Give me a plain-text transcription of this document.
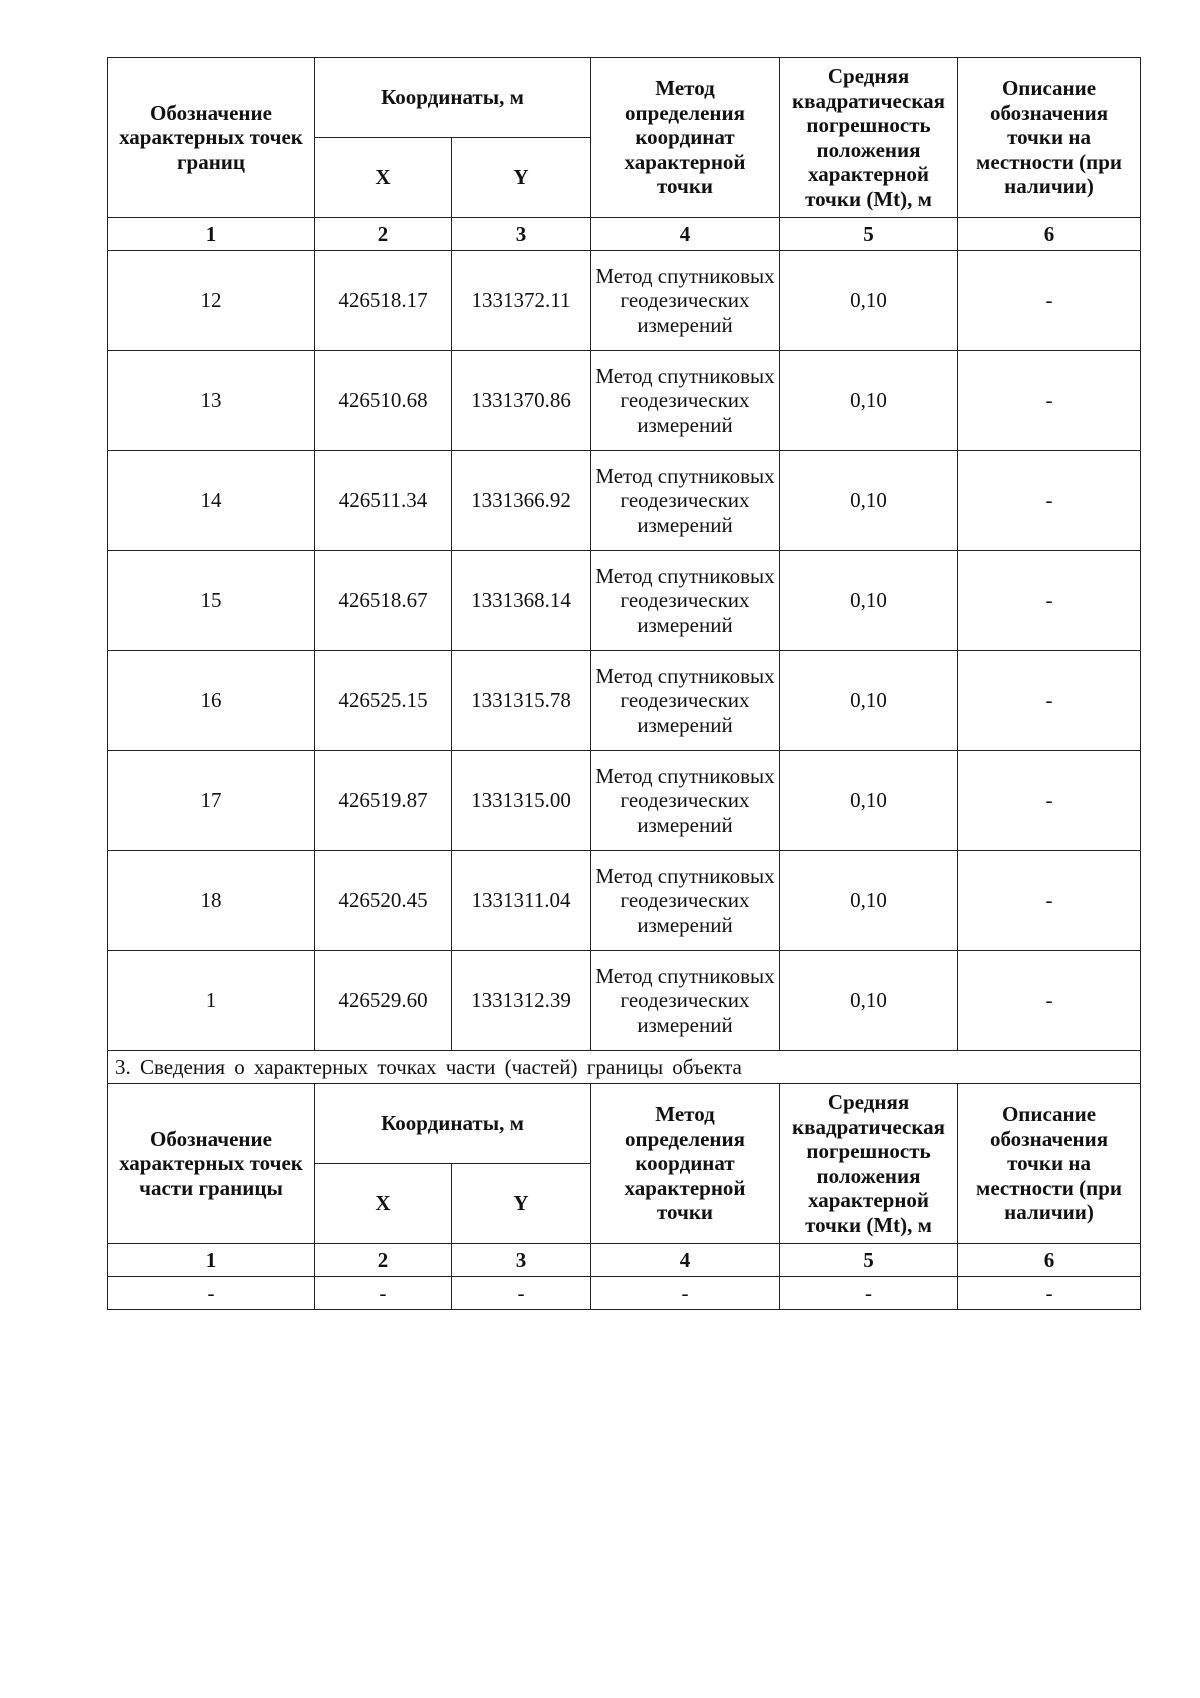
Обозначение характерных точек границ	Координаты, м		Метод определения координат характерной точки	Средняя квадратическая погрешность положения характерной точки (Mt), м	Описание обозначения точки на местности (при наличии)
	X	Y			
1	2	3	4	5	6
12	426518.17	1331372.11	Метод спутниковых геодезических измерений	0,10	-
13	426510.68	1331370.86	Метод спутниковых геодезических измерений	0,10	-
14	426511.34	1331366.92	Метод спутниковых геодезических измерений	0,10	-
15	426518.67	1331368.14	Метод спутниковых геодезических измерений	0,10	-
16	426525.15	1331315.78	Метод спутниковых геодезических измерений	0,10	-
17	426519.87	1331315.00	Метод спутниковых геодезических измерений	0,10	-
18	426520.45	1331311.04	Метод спутниковых геодезических измерений	0,10	-
1	426529.60	1331312.39	Метод спутниковых геодезических измерений	0,10	-
3. Сведения о характерных точках части (частей) границы объекта					
Обозначение характерных точек части границы	Координаты, м		Метод определения координат характерной точки	Средняя квадратическая погрешность положения характерной точки (Mt), м	Описание обозначения точки на местности (при наличии)
	X	Y			
1	2	3	4	5	6
-	-	-	-	-	-
